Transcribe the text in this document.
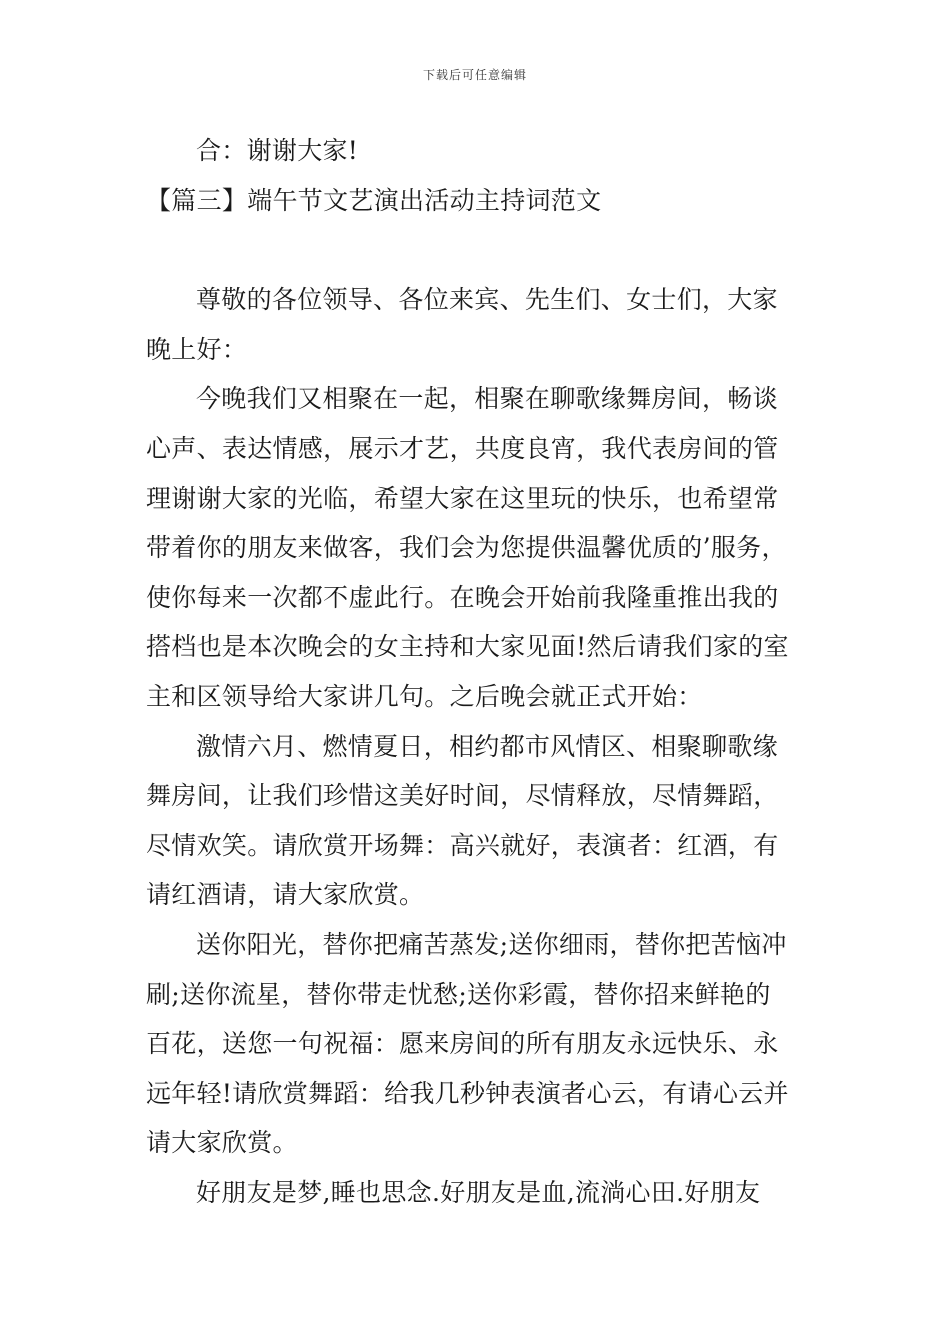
下载后可任意编辑
合：谢谢大家!
【篇三】端午节文艺演出活动主持词范文
尊敬的各位领导、各位来宾、先生们、女士们，大家
晚上好：
今晚我们又相聚在一起，相聚在聊歌缘舞房间，畅谈
心声、表达情感，展示才艺，共度良宵，我代表房间的管
理谢谢大家的光临，希望大家在这里玩的快乐，也希望常
带着你的朋友来做客，我们会为您提供温馨优质的’服务，
使你每来一次都不虚此行。在晚会开始前我隆重推出我的
搭档也是本次晚会的女主持和大家见面!然后请我们家的室
主和区领导给大家讲几句。之后晚会就正式开始：
激情六月、燃情夏日，相约都市风情区、相聚聊歌缘
舞房间，让我们珍惜这美好时间，尽情释放，尽情舞蹈，
尽情欢笑。请欣赏开场舞：高兴就好，表演者：红酒，有
请红酒请，请大家欣赏。
送你阳光，替你把痛苦蒸发;送你细雨，替你把苦恼冲
刷;送你流星，替你带走忧愁;送你彩霞，替你招来鲜艳的
百花，送您一句祝福：愿来房间的所有朋友永远快乐、永
远年轻!请欣赏舞蹈：给我几秒钟表演者心云，有请心云并
请大家欣赏。
好朋友是梦,睡也思念.好朋友是血,流淌心田.好朋友
